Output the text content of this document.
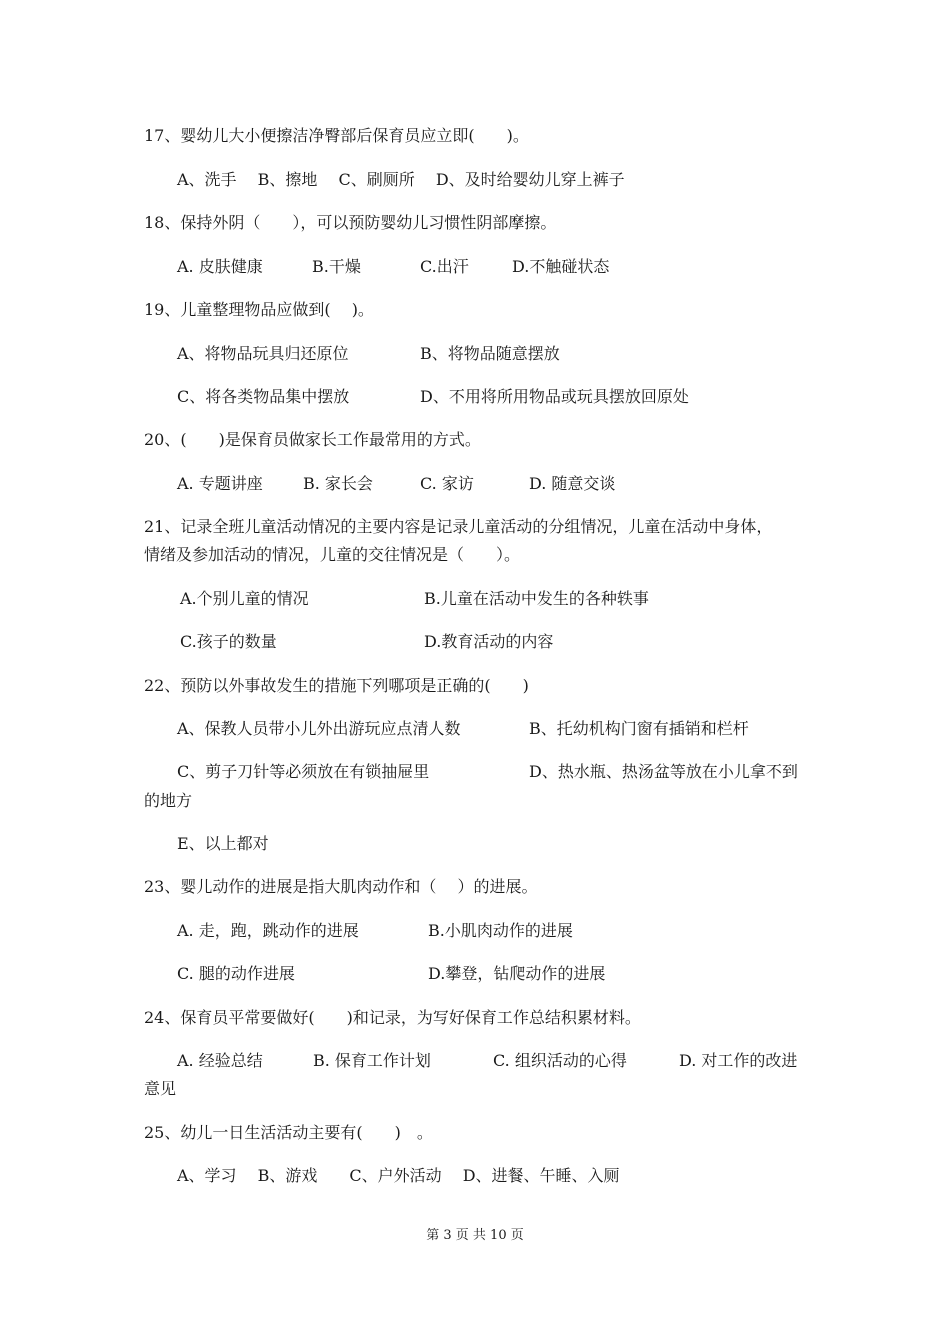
17、婴幼儿大小便擦洁净臀部后保育员应立即(　　)。

A、洗手　 B、擦地　 C、刷厕所　 D、及时给婴幼儿穿上裤子

18、保持外阴（　　），可以预防婴幼儿习惯性阴部摩擦。

A. 皮肤健康	B.干燥	C.出汗	D.不触碰状态

19、儿童整理物品应做到(　 )。

A、将物品玩具归还原位	B、将物品随意摆放
C、将各类物品集中摆放	D、不用将所用物品或玩具摆放回原处

20、(　　)是保育员做家长工作最常用的方式。

A. 专题讲座	B. 家长会	C. 家访	D. 随意交谈

21、记录全班儿童活动情况的主要内容是记录儿童活动的分组情况，儿童在活动中身体，

情绪及参加活动的情况，儿童的交往情况是（　　）。

A.个别儿童的情况	B.儿童在活动中发生的各种轶事
C.孩子的数量	D.教育活动的内容

22、预防以外事故发生的措施下列哪项是正确的(　　)

A、保教人员带小儿外出游玩应点清人数	B、托幼机构门窗有插销和栏杆
C、剪子刀针等必须放在有锁抽屉里	D、热水瓶、热汤盆等放在小儿拿不到

的地方

E、以上都对

23、婴儿动作的进展是指大肌肉动作和（　 ）的进展。

A. 走，跑，跳动作的进展	B.小肌肉动作的进展
C. 腿的动作进展	D.攀登，钻爬动作的进展

24、保育员平常要做好(　　)和记录，为写好保育工作总结积累材料。

A. 经验总结	B. 保育工作计划	C. 组织活动的心得	D. 对工作的改进

意见

25、幼儿一日生活活动主要有(　　)　。

A、学习　 B、游戏　　C、户外活动　 D、进餐、午睡、入厕

第 3 页 共 10 页
